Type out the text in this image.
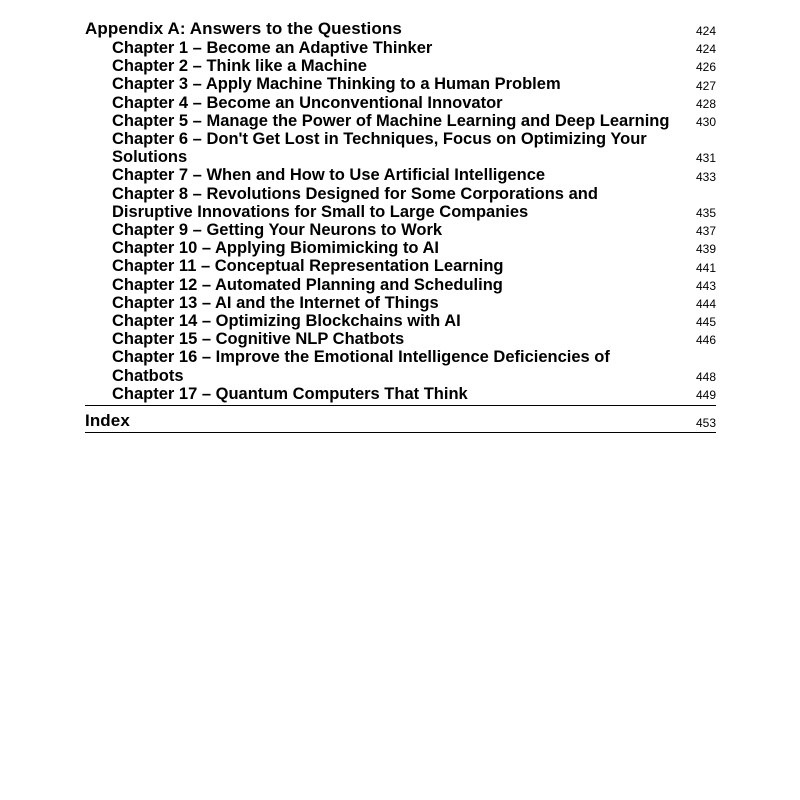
Appendix A: Answers to the Questions	424
Chapter 1 – Become an Adaptive Thinker	424
Chapter 2 – Think like a Machine	426
Chapter 3 – Apply Machine Thinking to a Human Problem	427
Chapter 4 – Become an Unconventional Innovator	428
Chapter 5 – Manage the Power of Machine Learning and Deep Learning 430
Chapter 6 – Don't Get Lost in Techniques, Focus on Optimizing Your Solutions	431
Chapter 7 – When and How to Use Artificial Intelligence	433
Chapter 8 – Revolutions Designed for Some Corporations and Disruptive Innovations for Small to Large Companies	435
Chapter 9 – Getting Your Neurons to Work	437
Chapter 10 – Applying Biomimicking to AI	439
Chapter 11 – Conceptual Representation Learning	441
Chapter 12 – Automated Planning and Scheduling	443
Chapter 13 – AI and the Internet of Things	444
Chapter 14 – Optimizing Blockchains with AI	445
Chapter 15 – Cognitive NLP Chatbots	446
Chapter 16 – Improve the Emotional Intelligence Deficiencies of Chatbots	448
Chapter 17 – Quantum Computers That Think	449
Index	453
